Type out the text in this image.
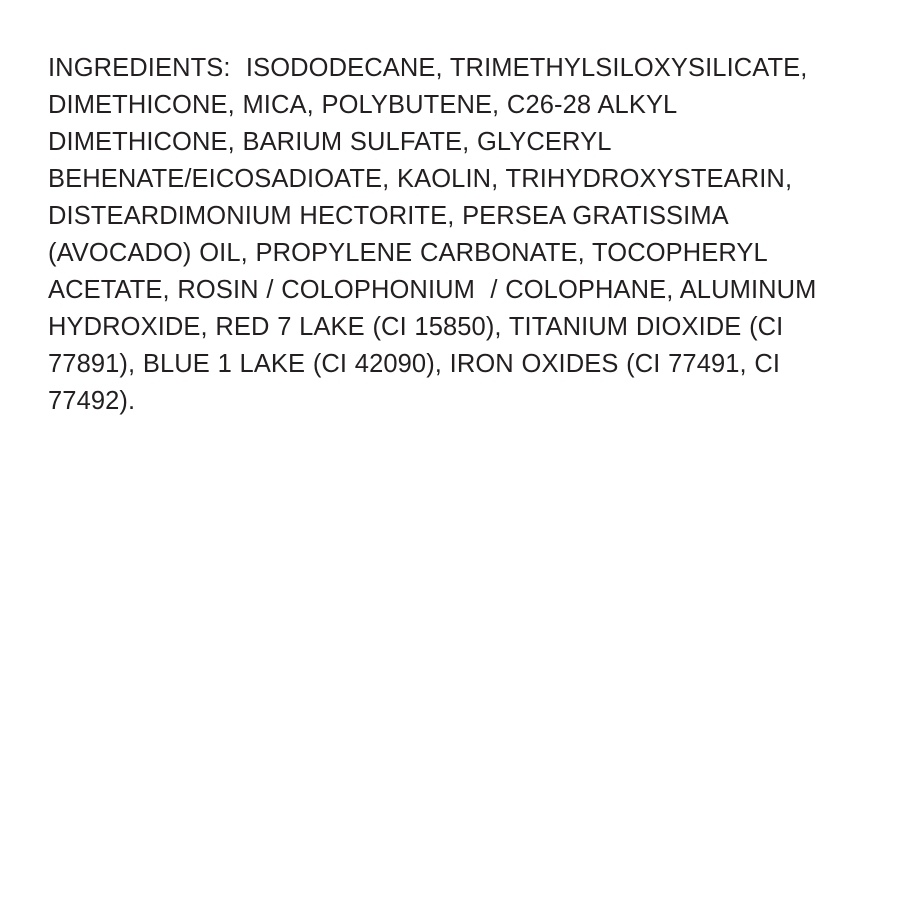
INGREDIENTS:  ISODODECANE, TRIMETHYLSILOXYSILICATE, DIMETHICONE, MICA, POLYBUTENE, C26-28 ALKYL DIMETHICONE, BARIUM SULFATE, GLYCERYL BEHENATE/EICOSADIOATE, KAOLIN, TRIHYDROXYSTEARIN, DISTEARDIMONIUM HECTORITE, PERSEA GRATISSIMA (AVOCADO) OIL, PROPYLENE CARBONATE, TOCOPHERYL ACETATE, ROSIN / COLOPHONIUM  / COLOPHANE, ALUMINUM HYDROXIDE, RED 7 LAKE (CI 15850), TITANIUM DIOXIDE (CI 77891), BLUE 1 LAKE (CI 42090), IRON OXIDES (CI 77491, CI 77492).
